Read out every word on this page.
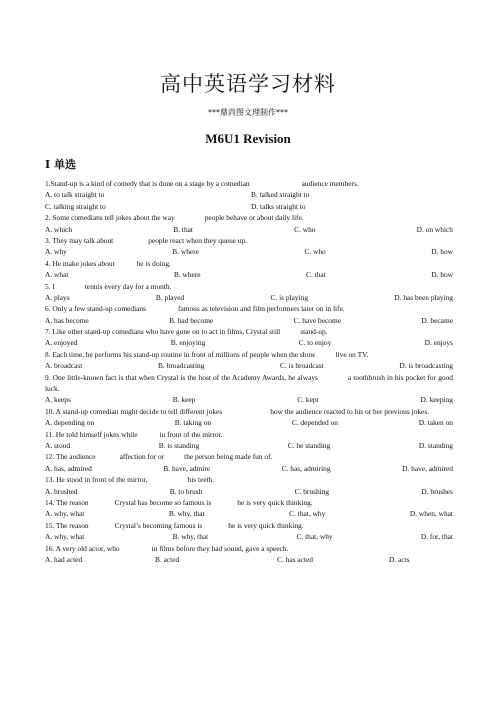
高中英语学习材料
***鼎尚图文理制作***
M6U1 Revision
I 单选
1.Stand-up is a kind of comedy that is done on a stage by a comedian	audience members.
A. to talk straight to	B. talked straight to
C. talking straight to	D. talks straight to
2. Some comedians tell jokes about the way	people behave or about daily life.
A. which	B. that	C. who	D. on which
3. They may talk about	people react when they queue up.
A. why	B. where	C. who	D. how
4. He make jokes about	he is doing.
A. what	B. where	C. that	D. how
5. I	tennis every day for a month.
A. plays	B. played	C. is playing	D. has been playing
6. Only a few stand-up comedians	famous as television and film performers later on in life.
A. has become	B. had become	C. have become	D. became
7. Like other stand-up comedians who have gone on to act in films, Crystal still	stand-up.
A. enjoyed	B. enjoying	C. to enjoy	D. enjoys
8. Each time, he performs his stand-up routine in front of millions of people when the show	live on TV.
A. broadcast	B. broadcasting	C. is broadcast	D. is broadcasting
9. One little-known fact is that when Crystal is the host of the Academy Awards, he always	a toothbrush in his pocket for good luck.
A. keeps	B. keep	C. kept	D. keeping
10. A stand-up comedian might decide to tell different jokes	how the audience reacted to his or her previous jokes.
A. depending on	B. taking on	C. depended on	D. taken on
11. He told himself jokes while	in front of the mirror.
A. stood	B. is standing	C. he standing	D. standing
12. The audience	affection for or	the person being made fun of.
A. has, admired	B. have, admire	C. has, admiring	D. have, admired
13. He stood in front of the mirror,	his teeth.
A. brushed	B. to brush	C. brushing	D. brushes
14. The reason	Crystal has become so famous is	he is very quick thinking.
A. why, what	B. why, that	C. that, why	D. when, what
15. The reason	Crystal’s becoming famous is	he is very quick thinking.
A. why, what	B. why, that	C. that, why	D. for, that
16. A very old actor, who	in films before they had sound, gave a speech.
A. had acted	B. acted	C. has acted	D. acts
